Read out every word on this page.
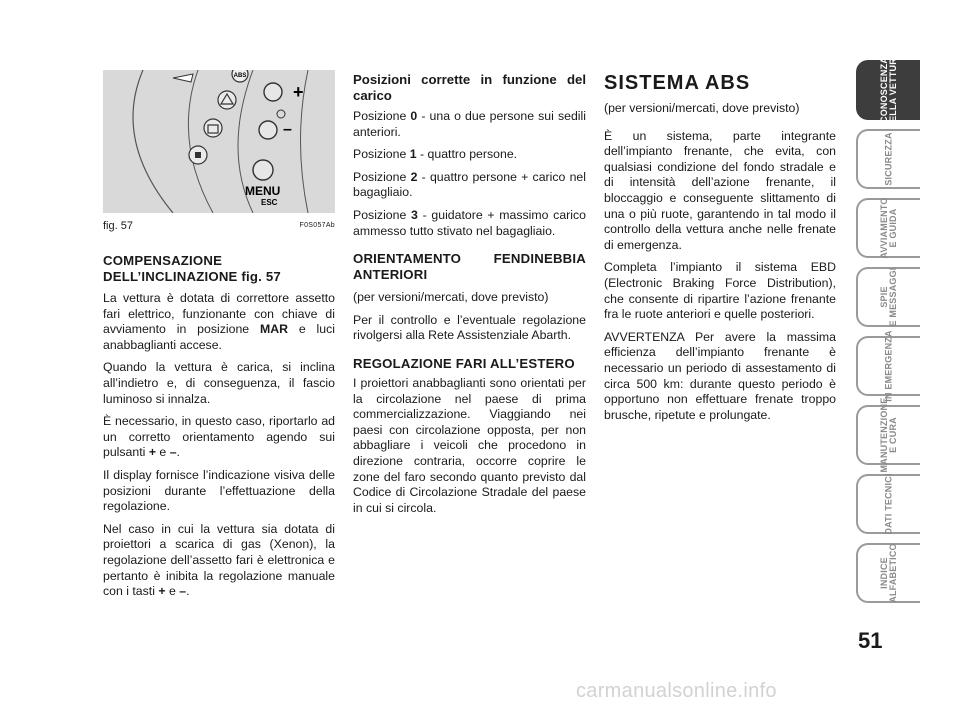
ABS
+
–
MENU
ESC
fig. 57	F0S057Ab

COMPENSAZIONE DELL’INCLINAZIONE fig. 57

La vettura è dotata di correttore assetto fari elettrico, funzionante con chiave di avviamento in posizione MAR e luci anabbaglianti accese.

Quando la vettura è carica, si inclina all’indietro e, di conseguenza, il fascio luminoso si innalza.

È necessario, in questo caso, riportarlo ad un corretto orientamento agendo sui pulsanti + e –.

Il display fornisce l’indicazione visiva delle posizioni durante l’effettuazione della regolazione.

Nel caso in cui la vettura sia dotata di proiettori a scarica di gas (Xenon), la regolazione dell’assetto fari è elettronica e pertanto è inibita la regolazione manuale con i tasti + e –.

Posizioni corrette in funzione del carico

Posizione 0 - una o due persone sui sedili anteriori.

Posizione 1 - quattro persone.

Posizione 2 - quattro persone + carico nel bagagliaio.

Posizione 3 - guidatore + massimo carico ammesso tutto stivato nel bagagliaio.

ORIENTAMENTO FENDINEBBIA ANTERIORI

(per versioni/mercati, dove previsto)

Per il controllo e l’eventuale regolazione rivolgersi alla Rete Assistenziale Abarth.

REGOLAZIONE FARI ALL’ESTERO

I proiettori anabbaglianti sono orientati per la circolazione nel paese di prima commercializzazione. Viaggiando nei paesi con circolazione opposta, per non abbagliare i veicoli che procedono in direzione contraria, occorre coprire le zone del faro secondo quanto previsto dal Codice di Circolazione Stradale del paese in cui si circola.

SISTEMA ABS

(per versioni/mercati, dove previsto)

È un sistema, parte integrante dell’impianto frenante, che evita, con qualsiasi condizione del fondo stradale e di intensità dell’azione frenante, il bloccaggio e conseguente slittamento di una o più ruote, garantendo in tal modo il controllo della vettura anche nelle frenate di emergenza.

Completa l’impianto il sistema EBD (Electronic Braking Force Distribution), che consente di ripartire l’azione frenante fra le ruote anteriori e quelle posteriori.

AVVERTENZA Per avere la massima efficienza dell’impianto frenante è necessario un periodo di assestamento di circa 500 km: durante questo periodo è opportuno non effettuare frenate troppo brusche, ripetute e prolungate.

CONOSCENZA
DELLA VETTURA
SICUREZZA
AVVIAMENTO
E GUIDA
SPIE
E MESSAGGI
IN EMERGENZA
MANUTENZIONE
E CURA
DATI TECNICI
INDICE
ALFABETICO
51
carmanualsonline.info
